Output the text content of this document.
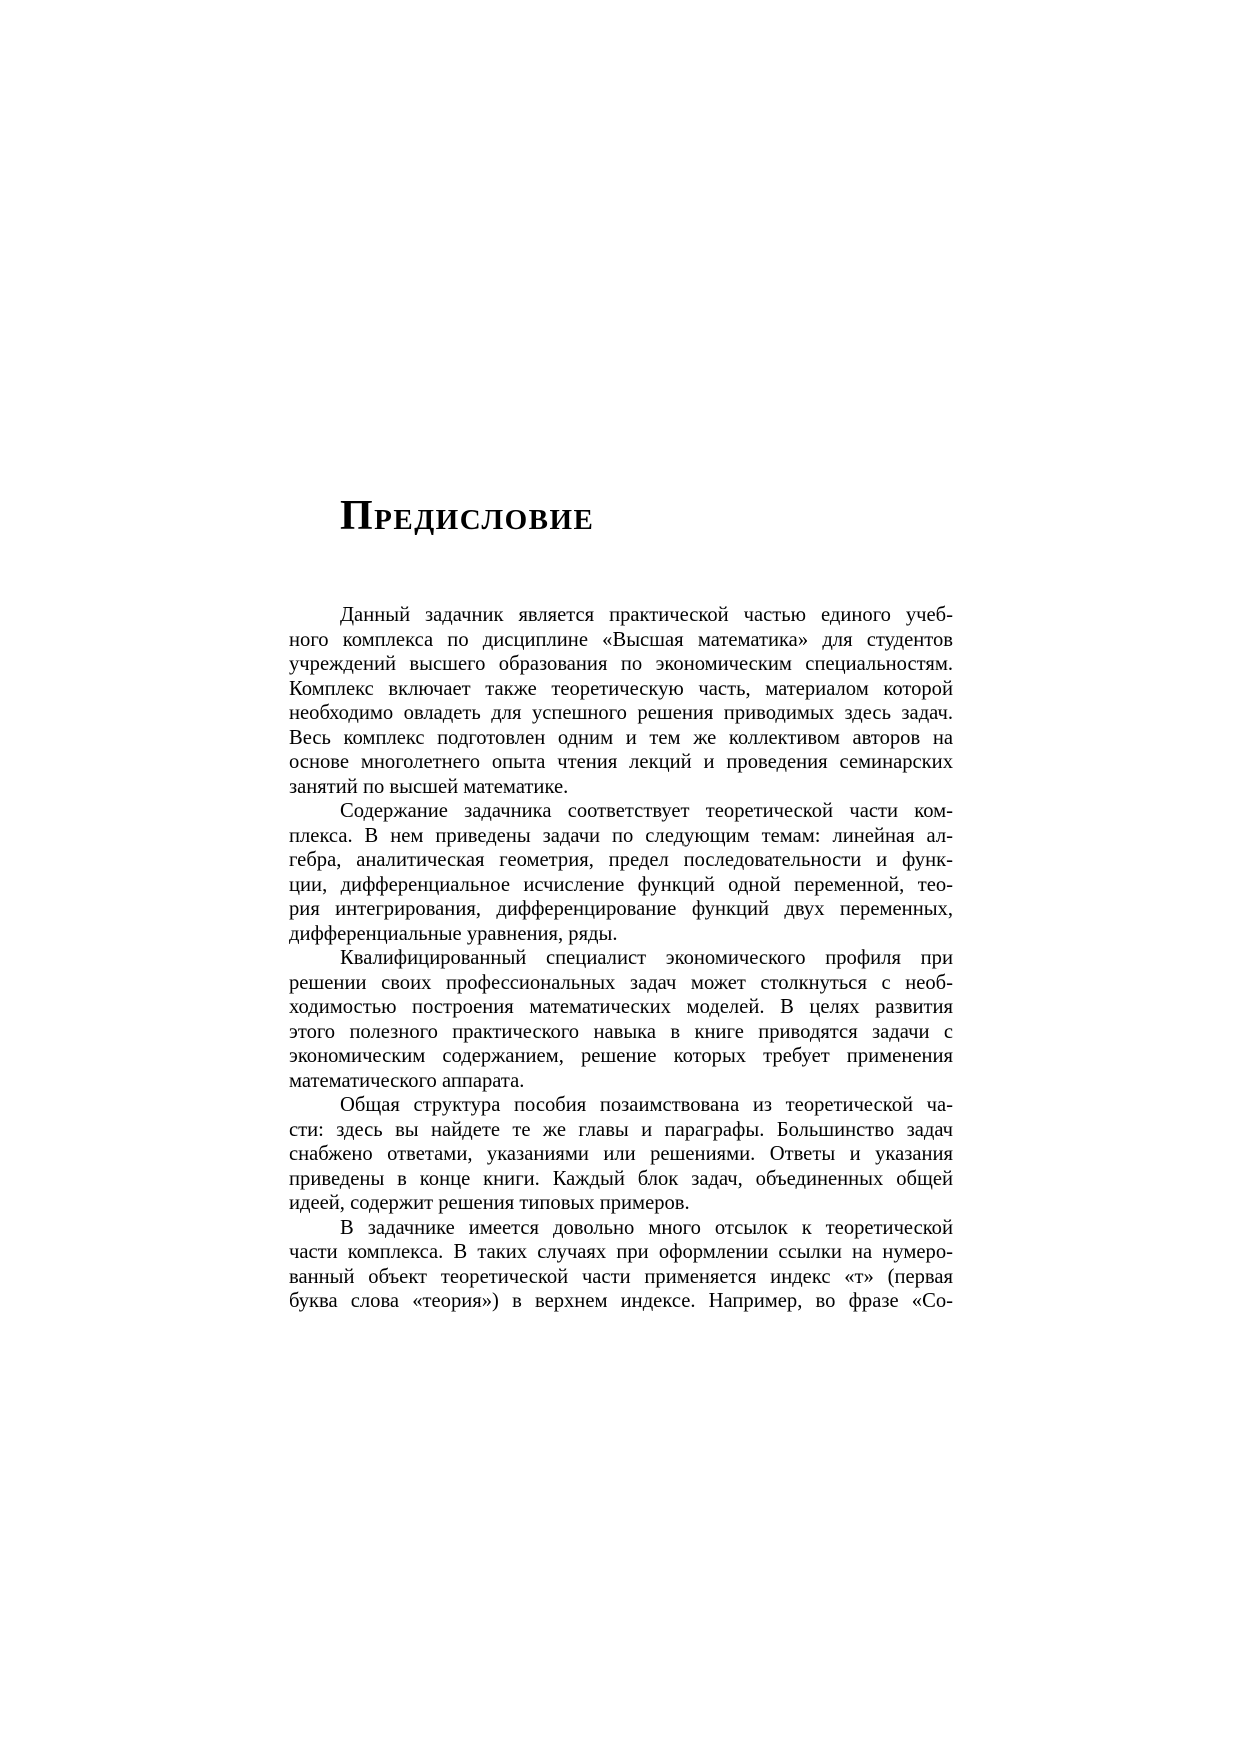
Предисловие
Данный задачник является практической частью единого учеб-
ного комплекса по дисциплине «Высшая математика» для студентов
учреждений высшего образования по экономическим специальностям.
Комплекс включает также теоретическую часть, материалом которой
необходимо овладеть для успешного решения приводимых здесь задач.
Весь комплекс подготовлен одним и тем же коллективом авторов на
основе многолетнего опыта чтения лекций и проведения семинарских
занятий по высшей математике.
Содержание задачника соответствует теоретической части ком-
плекса. В нем приведены задачи по следующим темам: линейная ал-
гебра, аналитическая геометрия, предел последовательности и функ-
ции, дифференциальное исчисление функций одной переменной, тео-
рия интегрирования, дифференцирование функций двух переменных,
дифференциальные уравнения, ряды.
Квалифицированный специалист экономического профиля при
решении своих профессиональных задач может столкнуться с необ-
ходимостью построения математических моделей. В целях развития
этого полезного практического навыка в книге приводятся задачи с
экономическим содержанием, решение которых требует применения
математического аппарата.
Общая структура пособия позаимствована из теоретической ча-
сти: здесь вы найдете те же главы и параграфы. Большинство задач
снабжено ответами, указаниями или решениями. Ответы и указания
приведены в конце книги. Каждый блок задач, объединенных общей
идеей, содержит решения типовых примеров.
В задачнике имеется довольно много отсылок к теоретической
части комплекса. В таких случаях при оформлении ссылки на нумеро-
ванный объект теоретической части применяется индекс «т» (первая
буква слова «теория») в верхнем индексе. Например, во фразе «Со-
